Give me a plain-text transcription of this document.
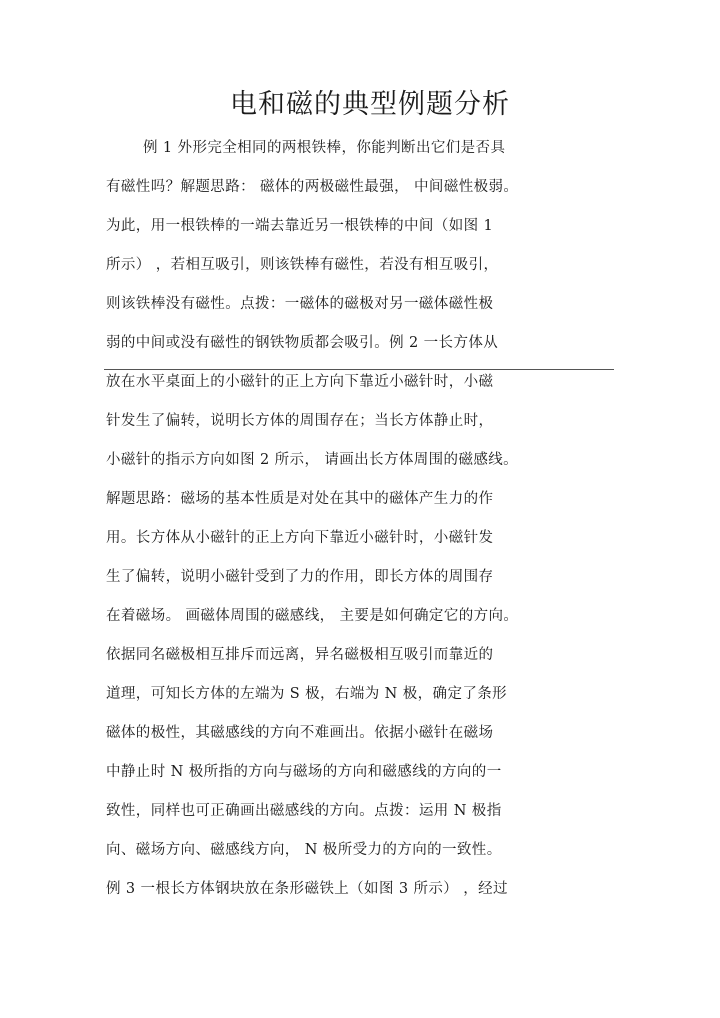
电和磁的典型例题分析
例 1 外形完全相同的两根铁棒，你能判断出它们是否具
有磁性吗？解题思路： 磁体的两极磁性最强， 中间磁性极弱。
为此，用一根铁棒的一端去靠近另一根铁棒的中间（如图 1
所示） ，若相互吸引，则该铁棒有磁性，若没有相互吸引，
则该铁棒没有磁性。点拨：一磁体的磁极对另一磁体磁性极
弱的中间或没有磁性的钢铁物质都会吸引。例 2 一长方体从
放在水平桌面上的小磁针的正上方向下靠近小磁针时，小磁
针发生了偏转，说明长方体的周围存在；当长方体静止时，
小磁针的指示方向如图 2 所示， 请画出长方体周围的磁感线。
解题思路：磁场的基本性质是对处在其中的磁体产生力的作
用。长方体从小磁针的正上方向下靠近小磁针时，小磁针发
生了偏转，说明小磁针受到了力的作用，即长方体的周围存
在着磁场。 画磁体周围的磁感线， 主要是如何确定它的方向。
依据同名磁极相互排斥而远离，异名磁极相互吸引而靠近的
道理，可知长方体的左端为 S 极，右端为 N 极，确定了条形
磁体的极性，其磁感线的方向不难画出。依据小磁针在磁场
中静止时 N 极所指的方向与磁场的方向和磁感线的方向的一
致性，同样也可正确画出磁感线的方向。点拨：运用 N 极指
向、磁场方向、磁感线方向， N 极所受力的方向的一致性。
例 3 一根长方体钢块放在条形磁铁上（如图 3 所示） ，经过
